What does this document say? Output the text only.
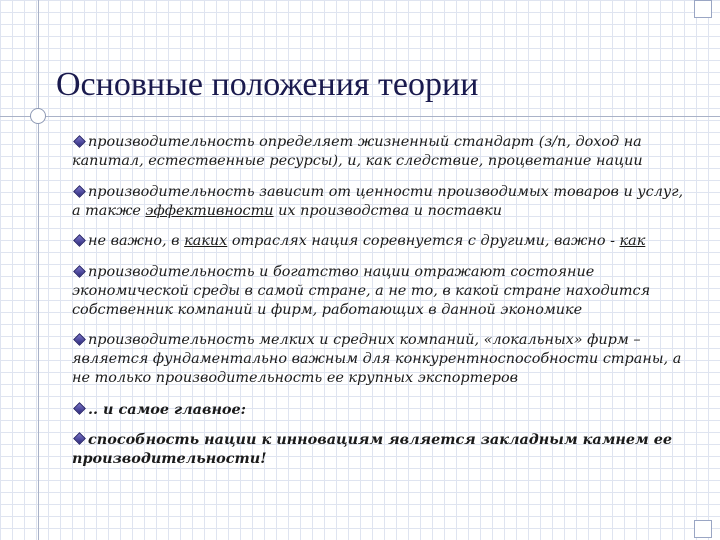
Основные положения теории
производительность определяет жизненный стандарт (з/п, доход на капитал, естественные ресурсы), и, как следствие, процветание нации
производительность зависит от ценности производимых товаров и услуг, а также эффективности их производства и поставки
не важно, в каких отраслях нация соревнуется с другими, важно - как
производительность и богатство нации отражают состояние экономической среды в самой стране, а не то, в какой стране находится собственник компаний и фирм, работающих в данной экономике
производительность мелких и средних компаний, «локальных» фирм – является фундаментально важным для конкурентноспособности страны, а не только производительность ее крупных экспортеров
.. и самое главное:
способность нации к инновациям является закладным камнем ее производительности!
